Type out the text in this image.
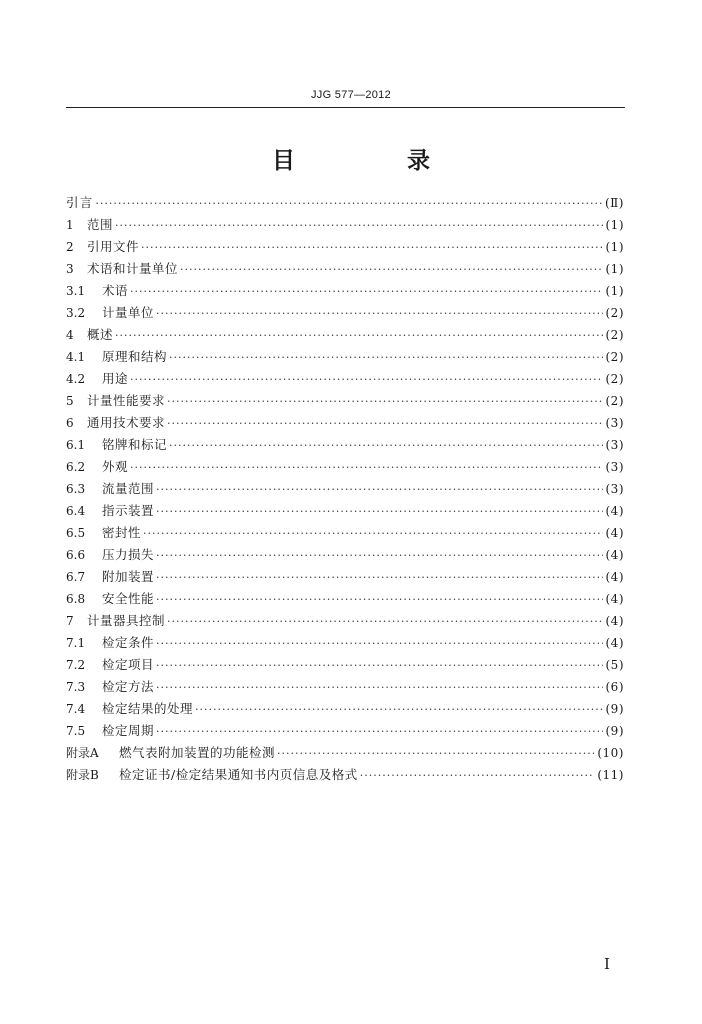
JJG 577—2012
目 录
引言 ·····	(Ⅱ)
1	范围 ·····	(1)
2	引用文件 ·····	(1)
3	术语和计量单位 ·····	(1)
3.1	术语 ·····	(1)
3.2	计量单位 ·····	(2)
4	概述 ·····	(2)
4.1	原理和结构 ·····	(2)
4.2	用途 ·····	(2)
5	计量性能要求 ·····	(2)
6	通用技术要求 ·····	(3)
6.1	铭牌和标记 ·····	(3)
6.2	外观 ·····	(3)
6.3	流量范围 ·····	(3)
6.4	指示装置 ·····	(4)
6.5	密封性 ·····	(4)
6.6	压力损失 ·····	(4)
6.7	附加装置 ·····	(4)
6.8	安全性能 ·····	(4)
7	计量器具控制 ·····	(4)
7.1	检定条件 ·····	(4)
7.2	检定项目 ·····	(5)
7.3	检定方法 ·····	(6)
7.4	检定结果的处理 ·····	(9)
7.5	检定周期 ·····	(9)
附录A	燃气表附加装置的功能检测 ·····	(10)
附录B	检定证书/检定结果通知书内页信息及格式 ·····	(11)
I
